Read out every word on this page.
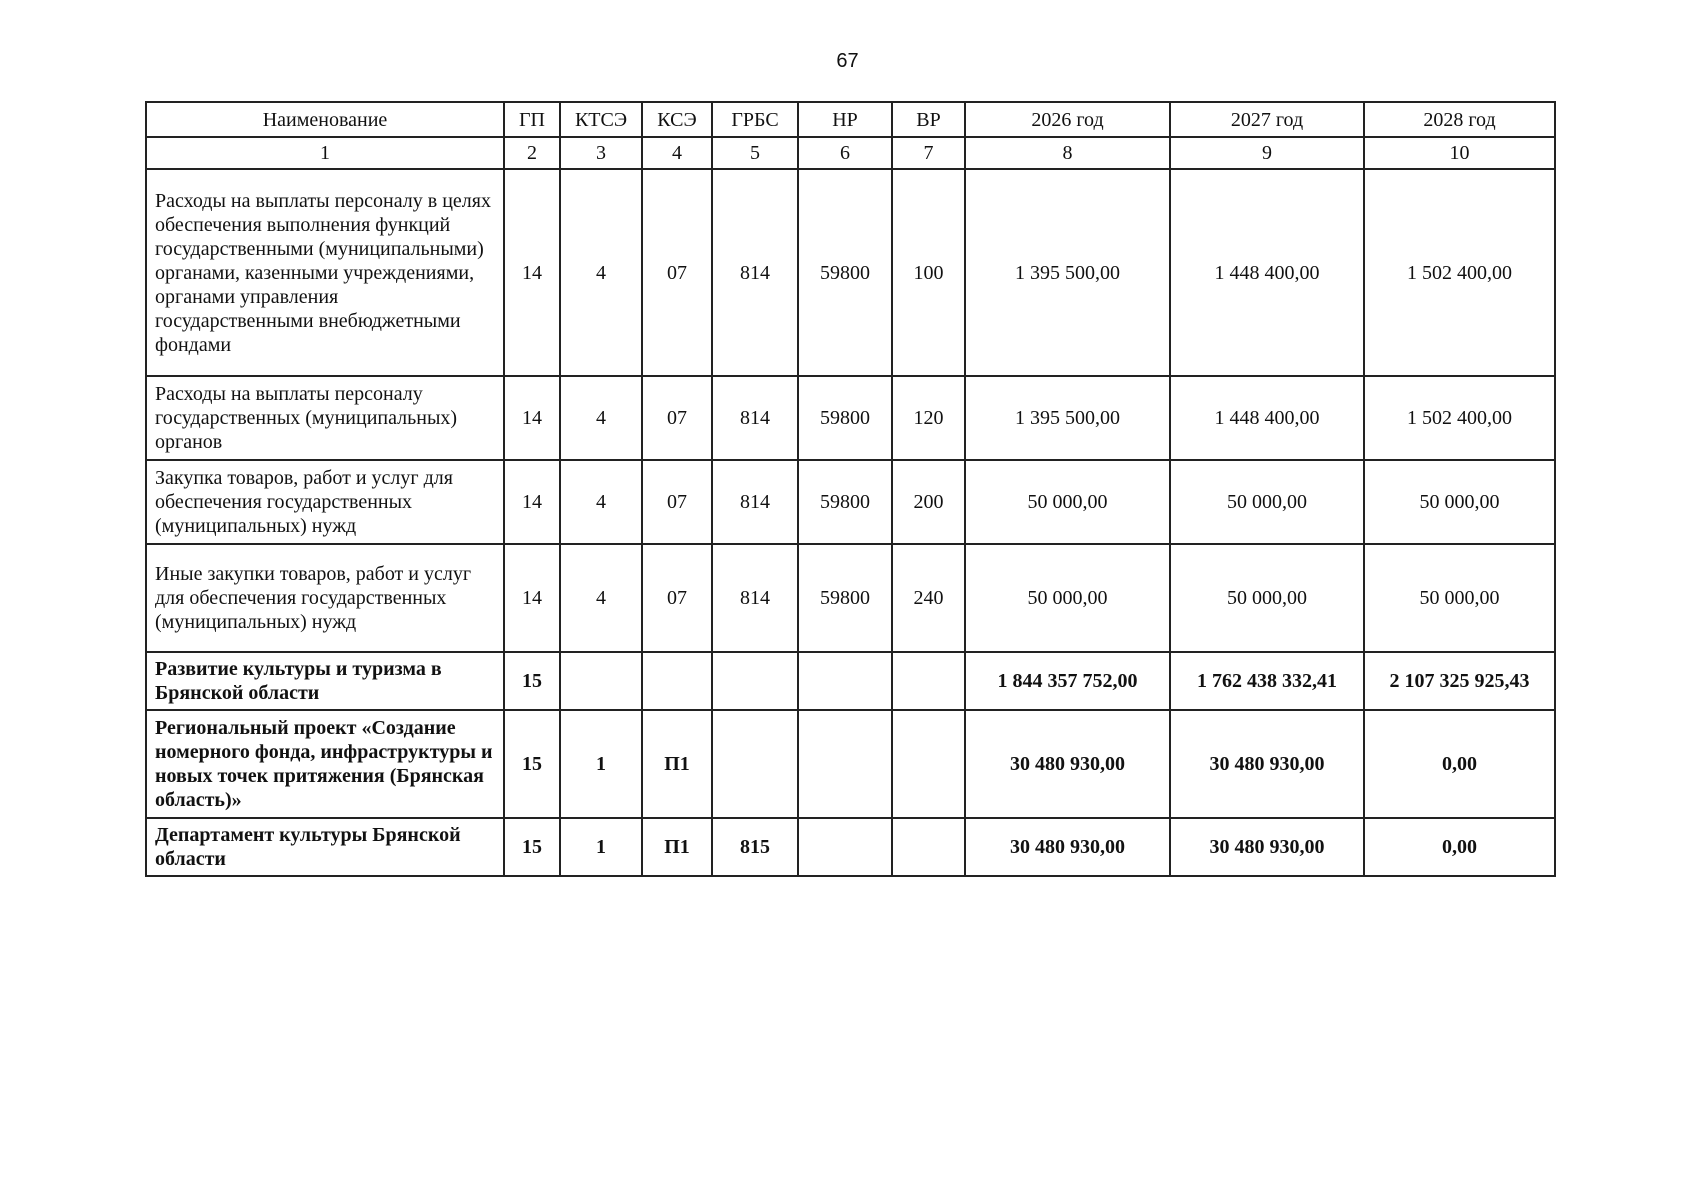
67
Наименование	ГП	КТСЭ	КСЭ	ГРБС	НР	ВР	2026 год	2027 год	2028 год
1	2	3	4	5	6	7	8	9	10
Расходы на выплаты персоналу в целях обеспечения выполнения функций государственными (муниципальными) органами, казенными учреждениями, органами управления государственными внебюджетными фондами	14	4	07	814	59800	100	1 395 500,00	1 448 400,00	1 502 400,00
Расходы на выплаты персоналу государственных (муниципальных) органов	14	4	07	814	59800	120	1 395 500,00	1 448 400,00	1 502 400,00
Закупка товаров, работ и услуг для обеспечения государственных (муниципальных) нужд	14	4	07	814	59800	200	50 000,00	50 000,00	50 000,00
Иные закупки товаров, работ и услуг для обеспечения государственных (муниципальных) нужд	14	4	07	814	59800	240	50 000,00	50 000,00	50 000,00
Развитие культуры и туризма в Брянской области	15						1 844 357 752,00	1 762 438 332,41	2 107 325 925,43
Региональный проект «Создание номерного фонда, инфраструктуры и новых точек притяжения (Брянская область)»	15	1	П1				30 480 930,00	30 480 930,00	0,00
Департамент культуры Брянской области	15	1	П1	815			30 480 930,00	30 480 930,00	0,00
